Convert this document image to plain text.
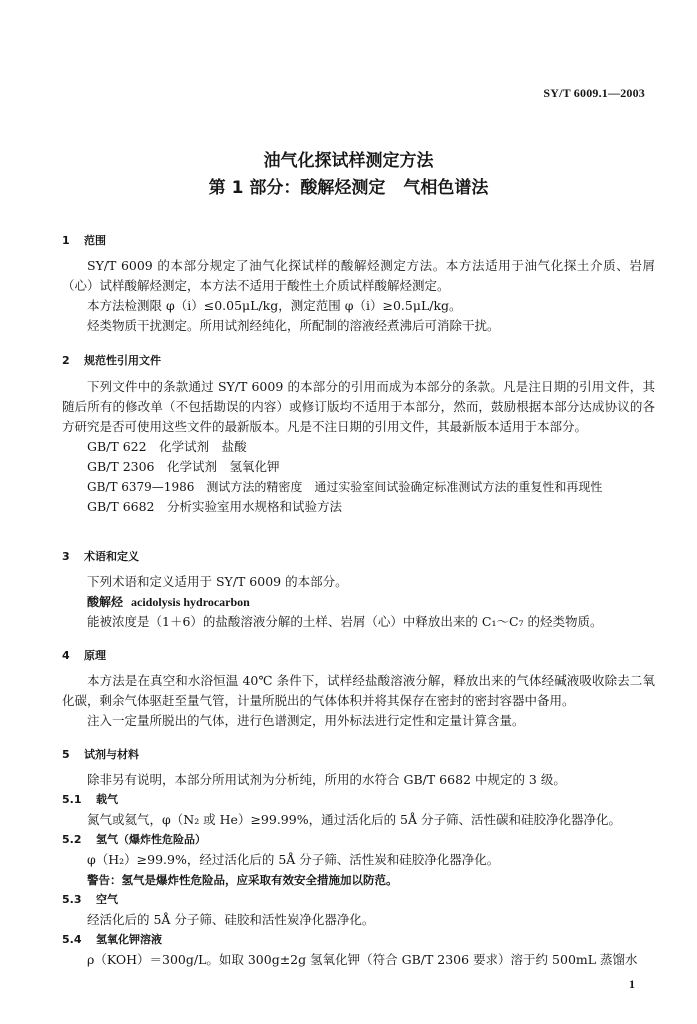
SY/T 6009.1—2003
油气化探试样测定方法
第 1 部分：酸解烃测定 气相色谱法

1 范围

SY/T 6009 的本部分规定了油气化探试样的酸解烃测定方法。本方法适用于油气化探土介质、岩屑（心）试样酸解烃测定，本方法不适用于酸性土介质试样酸解烃测定。

本方法检测限 φ（i）≤0.05μL/kg，测定范围 φ（i）≥0.5μL/kg。

烃类物质干扰测定。所用试剂经纯化，所配制的溶液经煮沸后可消除干扰。

2 规范性引用文件

下列文件中的条款通过 SY/T 6009 的本部分的引用而成为本部分的条款。凡是注日期的引用文件，其随后所有的修改单（不包括勘误的内容）或修订版均不适用于本部分，然而，鼓励根据本部分达成协议的各方研究是否可使用这些文件的最新版本。凡是不注日期的引用文件，其最新版本适用于本部分。

GB/T 622　 化学试剂　盐酸

GB/T 2306　 化学试剂　氢氧化钾

GB/T 6379—1986　 测试方法的精密度　通过实验室间试验确定标准测试方法的重复性和再现性

GB/T 6682　 分析实验室用水规格和试验方法

3 术语和定义

下列术语和定义适用于 SY/T 6009 的本部分。

酸解烃 acidolysis hydrocarbon

能被浓度是（1＋6）的盐酸溶液分解的土样、岩屑（心）中释放出来的 C₁～C₇ 的烃类物质。

4 原理

本方法是在真空和水浴恒温 40℃ 条件下，试样经盐酸溶液分解，释放出来的气体经碱液吸收除去二氧化碳，剩余气体驱赶至量气管，计量所脱出的气体体积并将其保存在密封的密封容器中备用。

注入一定量所脱出的气体，进行色谱测定，用外标法进行定性和定量计算含量。

5 试剂与材料

除非另有说明，本部分所用试剂为分析纯，所用的水符合 GB/T 6682 中规定的 3 级。

5.1 载气

氮气或氦气，φ（N₂ 或 He）≥99.99%，通过活化后的 5Å 分子筛、活性碳和硅胶净化器净化。

5.2 氢气（爆炸性危险品）

φ（H₂）≥99.9%，经过活化后的 5Å 分子筛、活性炭和硅胶净化器净化。

警告：氢气是爆炸性危险品，应采取有效安全措施加以防范。

5.3 空气

经活化后的 5Å 分子筛、硅胶和活性炭净化器净化。

5.4 氢氧化钾溶液

ρ（KOH）＝300g/L。如取 300g±2g 氢氧化钾（符合 GB/T 2306 要求）溶于约 500mL 蒸馏水

1
